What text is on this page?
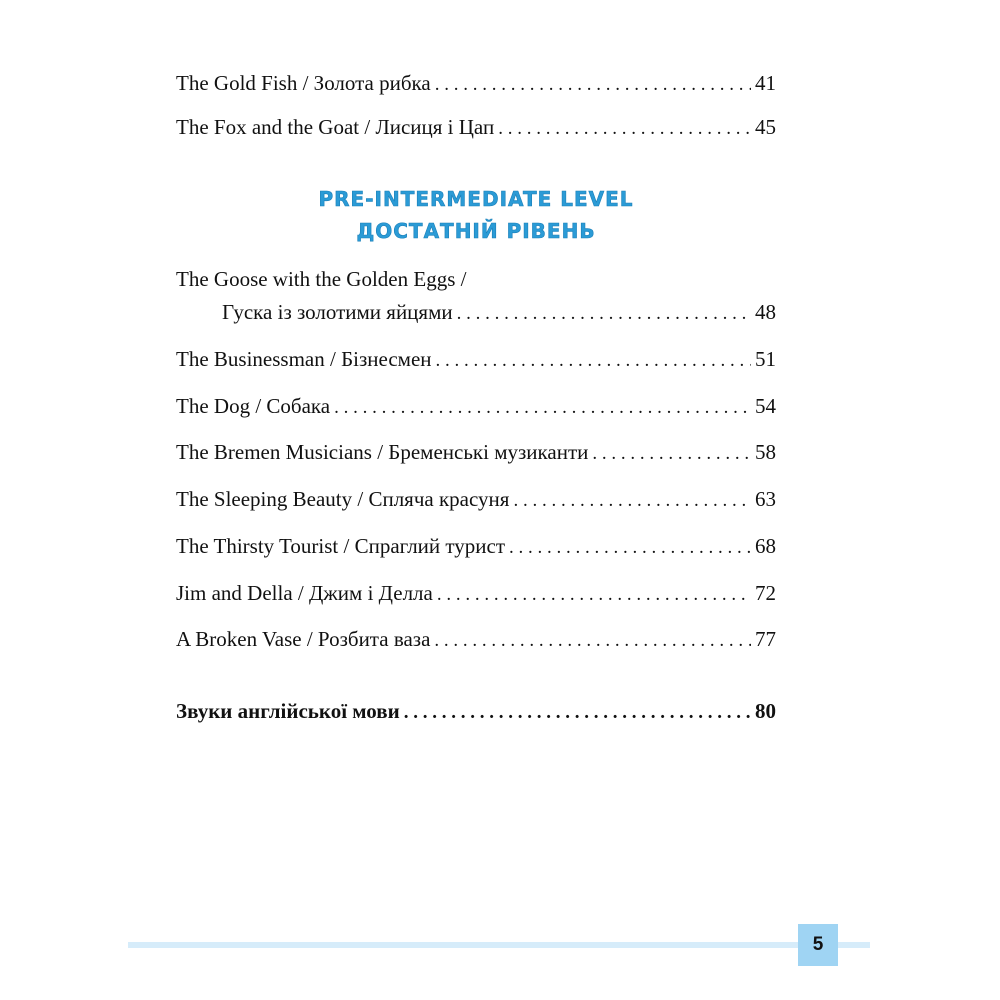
The Gold Fish / Золота рибка . . .	41
The Fox and the Goat / Лисиця і Цап . . .	45
PRE-INTERMEDIATE LEVEL
ДОСТАТНІЙ РІВЕНЬ
The Goose with the Golden Eggs /
Гуска із золотими яйцями . . .	48
The Businessman / Бізнесмен . . .	51
The Dog / Собака . . .	54
The Bremen Musicians / Бременські музиканти . . .	58
The Sleeping Beauty / Спляча красуня . . .	63
The Thirsty Tourist / Спраглий турист . . .	68
Jim and Della / Джим і Делла . . .	72
A Broken Vase / Розбита ваза . . .	77
Звуки англійської мови . . .	80
5
